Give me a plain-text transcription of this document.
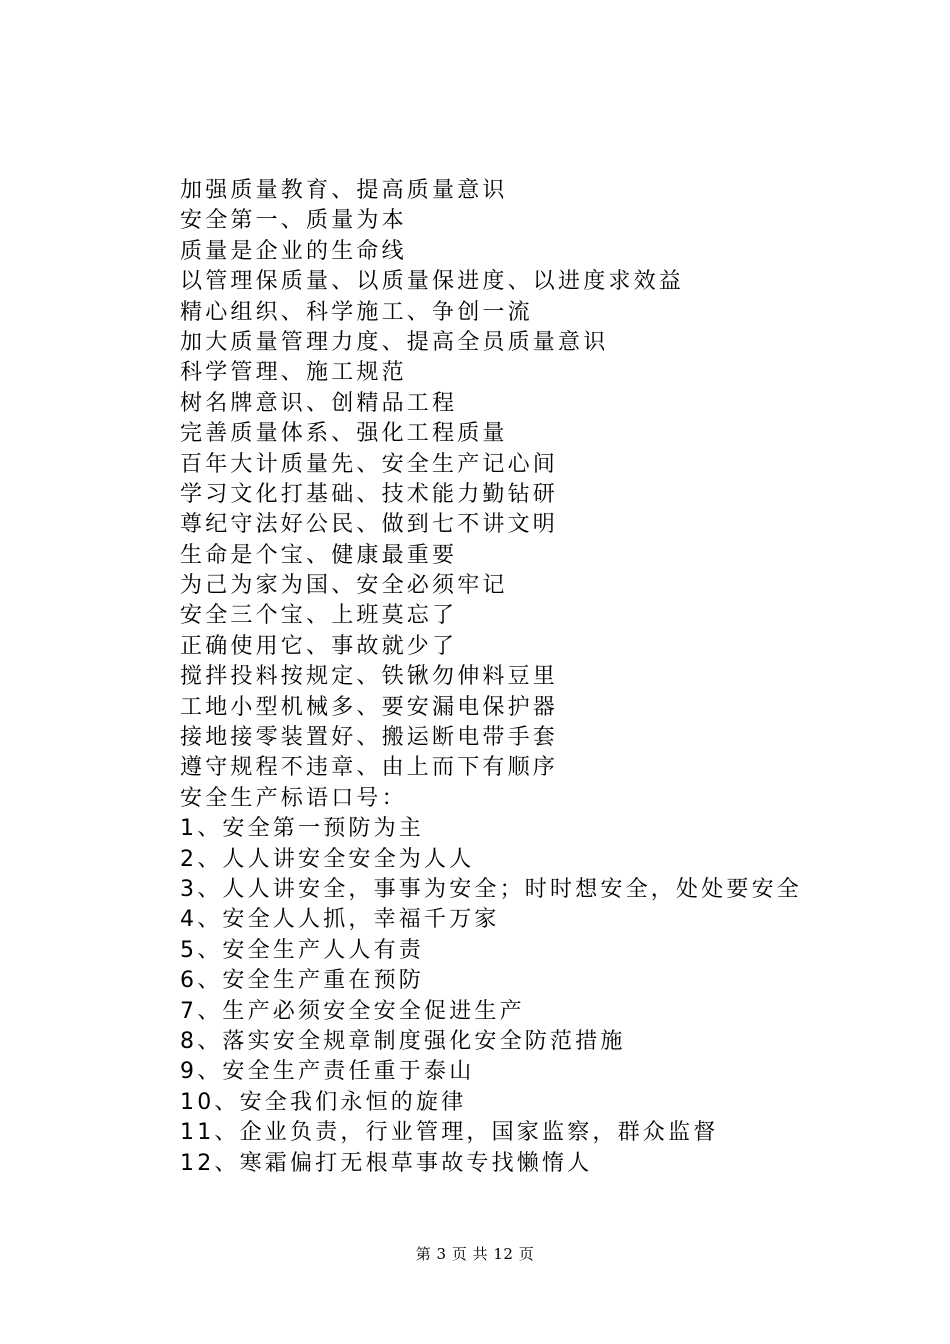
加强质量教育、提高质量意识
安全第一、质量为本
质量是企业的生命线
以管理保质量、以质量保进度、以进度求效益
精心组织、科学施工、争创一流
加大质量管理力度、提高全员质量意识
科学管理、施工规范
树名牌意识、创精品工程
完善质量体系、强化工程质量
百年大计质量先、安全生产记心间
学习文化打基础、技术能力勤钻研
尊纪守法好公民、做到七不讲文明
生命是个宝、健康最重要
为己为家为国、安全必须牢记
安全三个宝、上班莫忘了
正确使用它、事故就少了
搅拌投料按规定、铁锹勿伸料豆里
工地小型机械多、要安漏电保护器
接地接零装置好、搬运断电带手套
遵守规程不违章、由上而下有顺序
安全生产标语口号：
1、安全第一预防为主
2、人人讲安全安全为人人
3、人人讲安全，事事为安全；时时想安全，处处要安全
4、安全人人抓，幸福千万家
5、安全生产人人有责
6、安全生产重在预防
7、生产必须安全安全促进生产
8、落实安全规章制度强化安全防范措施
9、安全生产责任重于泰山
10、安全我们永恒的旋律
11、企业负责，行业管理，国家监察，群众监督
12、寒霜偏打无根草事故专找懒惰人
第 3 页 共 12 页
